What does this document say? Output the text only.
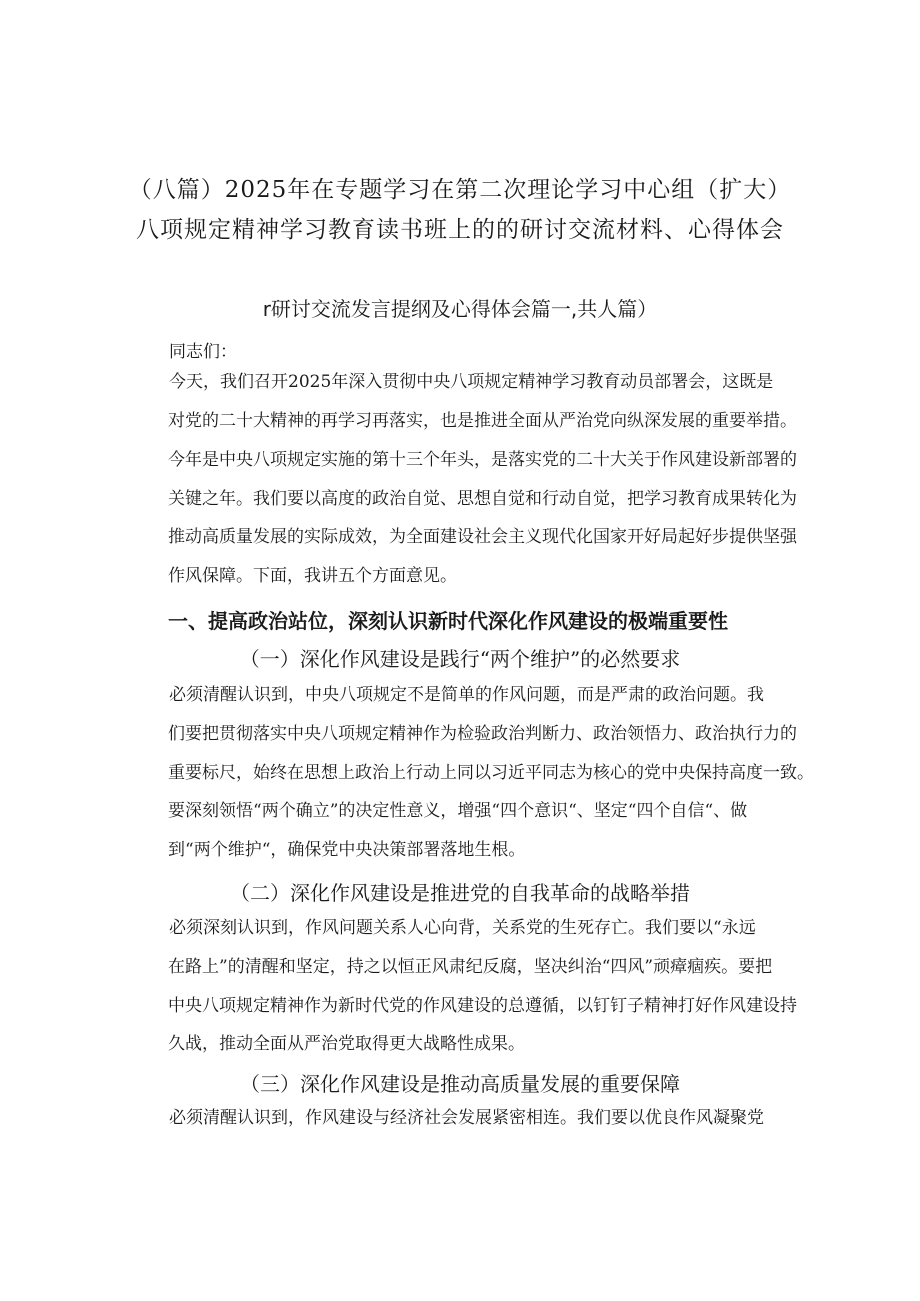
（八篇）2025年在专题学习在第二次理论学习中心组（扩大）
八项规定精神学习教育读书班上的的研讨交流材料、心得体会
r研讨交流发言提纲及心得体会篇一,共人篇）
同志们：
今天，我们召开2025年深入贯彻中央八项规定精神学习教育动员部署会，这既是
对党的二十大精神的再学习再落实，也是推进全面从严治党向纵深发展的重要举措。
今年是中央八项规定实施的第十三个年头，是落实党的二十大关于作风建设新部署的
关键之年。我们要以高度的政治自觉、思想自觉和行动自觉，把学习教育成果转化为
推动高质量发展的实际成效，为全面建设社会主义现代化国家开好局起好步提供坚强
作风保障。下面，我讲五个方面意见。
一、提高政治站位，深刻认识新时代深化作风建设的极端重要性
（一）深化作风建设是践行“两个维护”的必然要求
必须清醒认识到，中央八项规定不是简单的作风问题，而是严肃的政治问题。我
们要把贯彻落实中央八项规定精神作为检验政治判断力、政治领悟力、政治执行力的
重要标尺，始终在思想上政治上行动上同以习近平同志为核心的党中央保持高度一致。
要深刻领悟“两个确立”的决定性意义，增强“四个意识“、坚定“四个自信“、做
到“两个维护“，确保党中央决策部署落地生根。
（二）深化作风建设是推进党的自我革命的战略举措
必须深刻认识到，作风问题关系人心向背，关系党的生死存亡。我们要以“永远
在路上”的清醒和坚定，持之以恒正风肃纪反腐，坚决纠治“四风”顽瘴痼疾。要把
中央八项规定精神作为新时代党的作风建设的总遵循，以钉钉子精神打好作风建设持
久战，推动全面从严治党取得更大战略性成果。
（三）深化作风建设是推动高质量发展的重要保障
必须清醒认识到，作风建设与经济社会发展紧密相连。我们要以优良作风凝聚党
